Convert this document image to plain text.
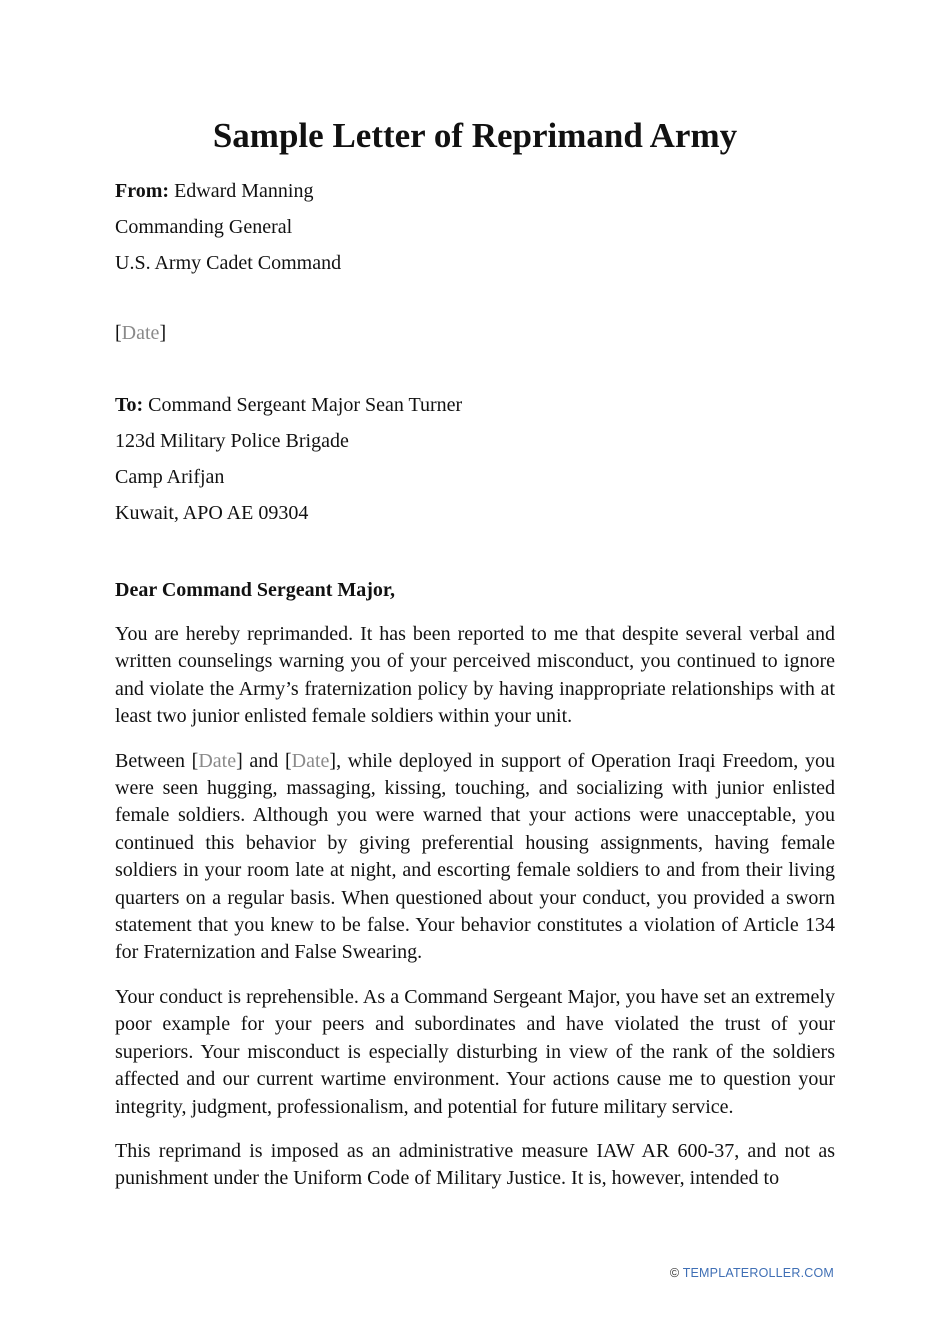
Sample Letter of Reprimand Army
From: Edward Manning
Commanding General
U.S. Army Cadet Command
[Date]
To: Command Sergeant Major Sean Turner
123d Military Police Brigade
Camp Arifjan
Kuwait, APO AE 09304
Dear Command Sergeant Major,

You are hereby reprimanded. It has been reported to me that despite several verbal and written counselings warning you of your perceived misconduct, you continued to ignore and violate the Army’s fraternization policy by having inappropriate relationships with at least two junior enlisted female soldiers within your unit.

Between [Date] and [Date], while deployed in support of Operation Iraqi Freedom, you were seen hugging, massaging, kissing, touching, and socializing with junior enlisted female soldiers. Although you were warned that your actions were unacceptable, you continued this behavior by giving preferential housing assignments, having female soldiers in your room late at night, and escorting female soldiers to and from their living quarters on a regular basis. When questioned about your conduct, you provided a sworn statement that you knew to be false. Your behavior constitutes a violation of Article 134 for Fraternization and False Swearing.

Your conduct is reprehensible. As a Command Sergeant Major, you have set an extremely poor example for your peers and subordinates and have violated the trust of your superiors. Your misconduct is especially disturbing in view of the rank of the soldiers affected and our current wartime environment. Your actions cause me to question your integrity, judgment, professionalism, and potential for future military service.

This reprimand is imposed as an administrative measure IAW AR 600-37, and not as punishment under the Uniform Code of Military Justice. It is, however, intended to

© TEMPLATEROLLER.COM
